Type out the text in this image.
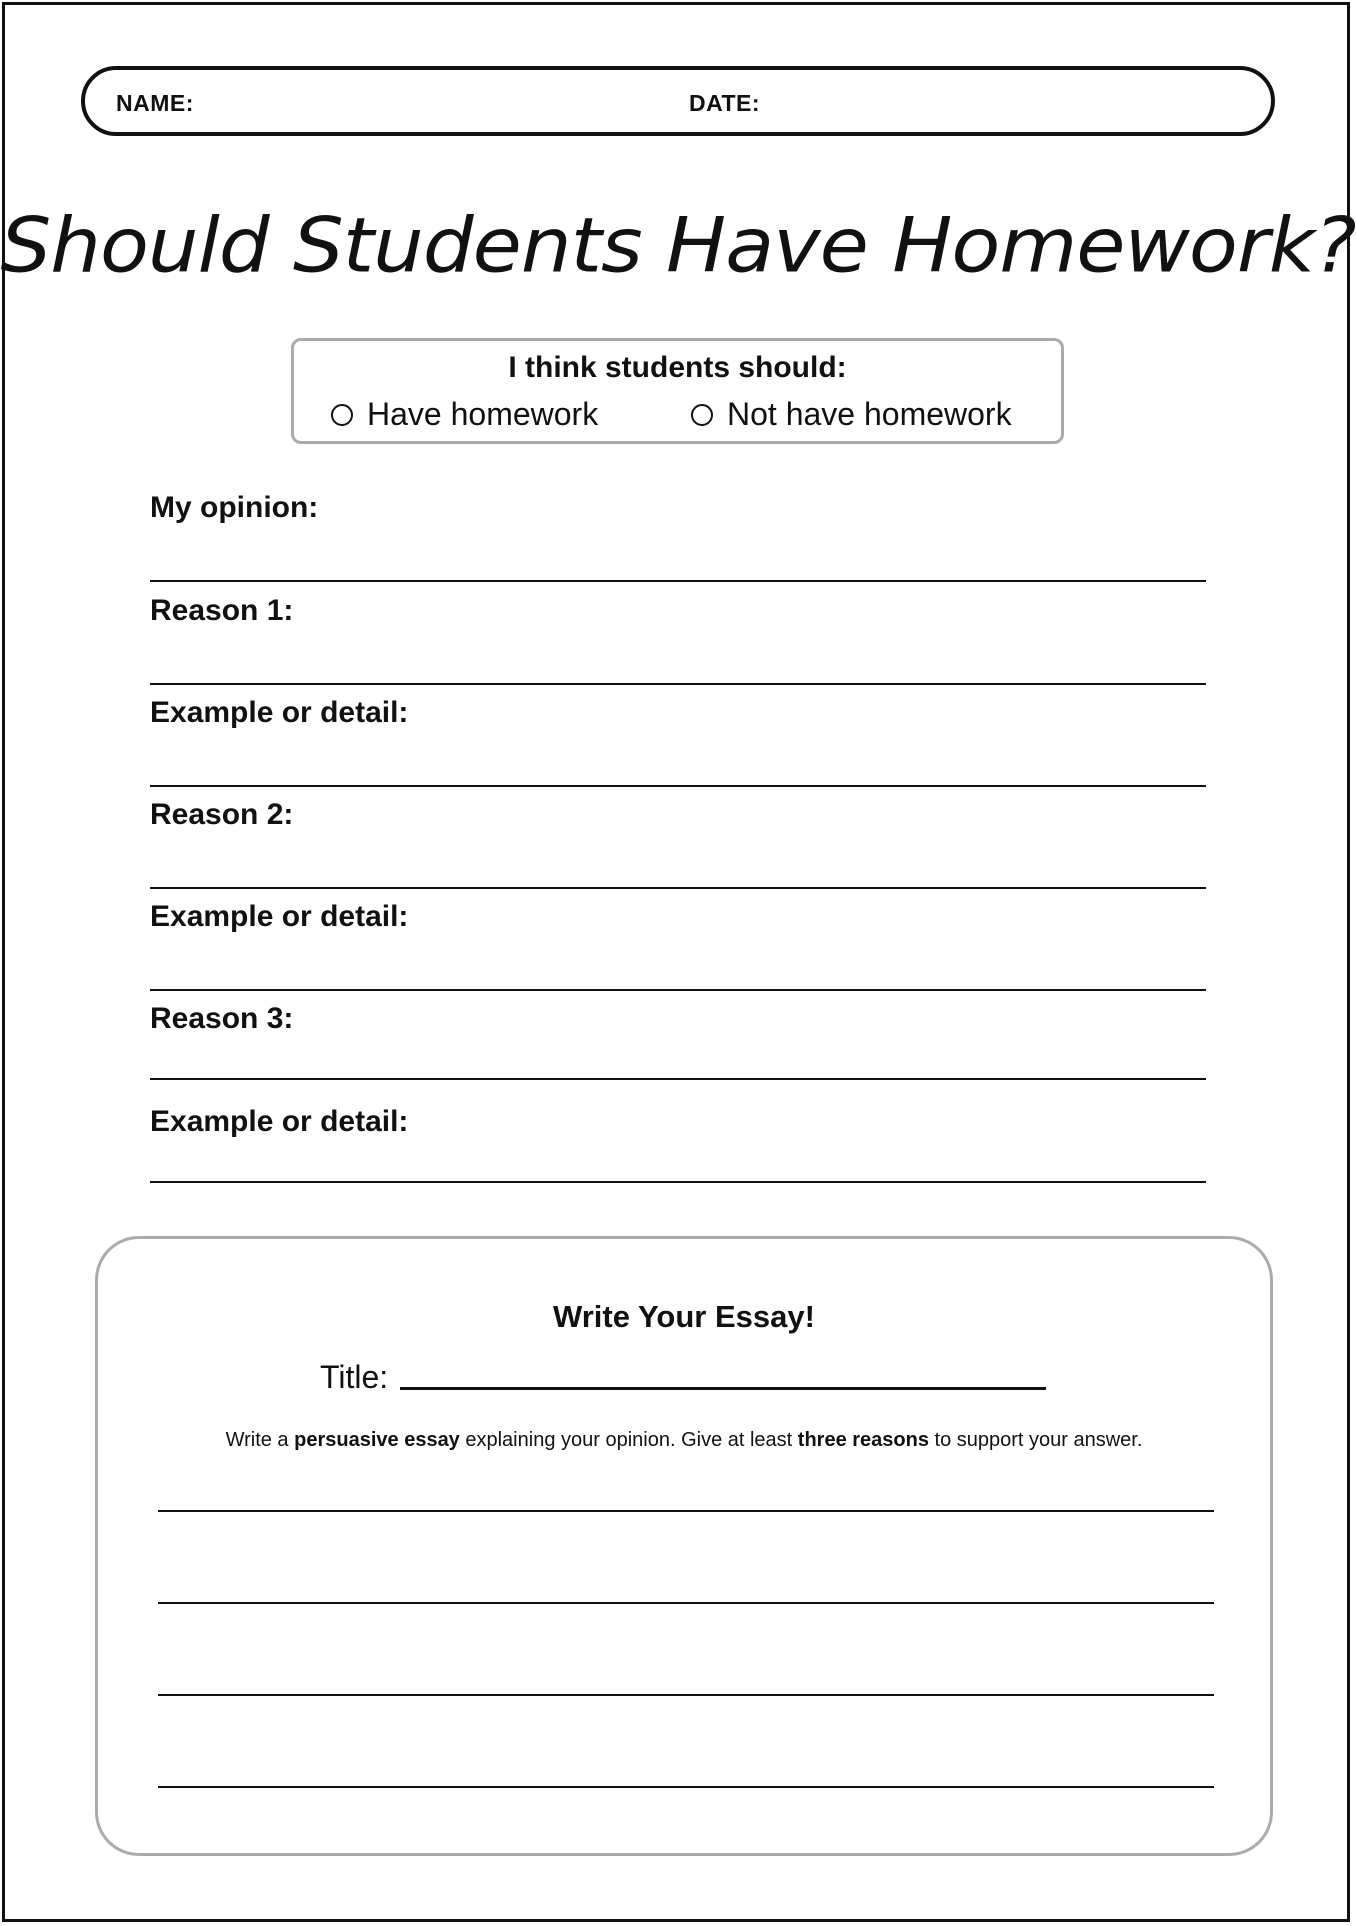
NAME:	DATE:
Should Students Have Homework?
I think students should:
Have homework	Not have homework
My opinion:
Reason 1:
Example or detail:
Reason 2:
Example or detail:
Reason 3:
Example or detail:
Write Your Essay!
Title:
Write a persuasive essay explaining your opinion. Give at least three reasons to support your answer.
